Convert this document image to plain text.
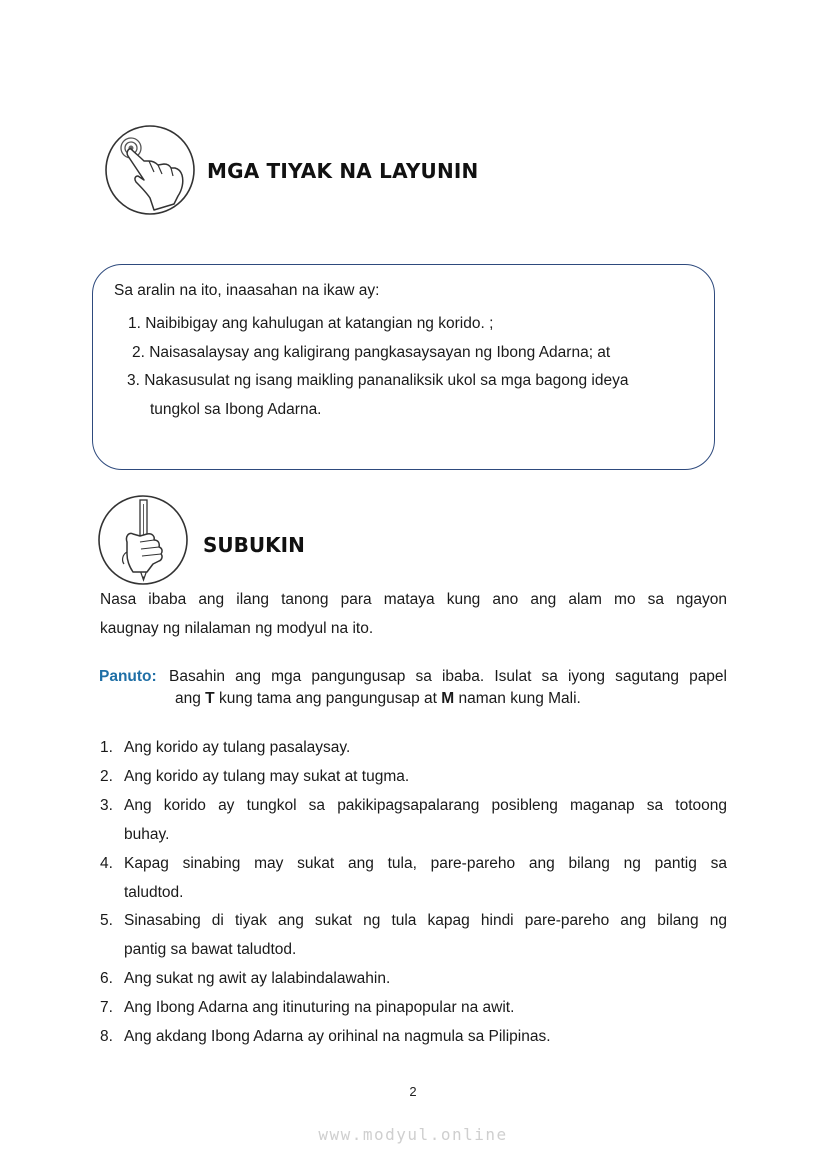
MGA TIYAK NA LAYUNIN
Sa aralin na ito, inaasahan na ikaw ay:
1. Naibibigay ang kahulugan at katangian ng korido. ;
2. Naisasalaysay ang kaligirang pangkasaysayan ng Ibong Adarna; at
3. Nakasusulat ng isang maikling pananaliksik ukol sa mga bagong ideya
tungkol sa Ibong Adarna.
SUBUKIN
Nasa ibaba ang ilang tanong para mataya kung ano ang alam mo sa ngayon
kaugnay ng nilalaman ng modyul na ito.
Panuto: Basahin ang mga pangungusap sa ibaba. Isulat sa iyong sagutang papel
ang T kung tama ang pangungusap at M naman kung Mali.
1. Ang korido ay tulang pasalaysay.
2. Ang korido ay tulang may sukat at tugma.
3. Ang korido ay tungkol sa pakikipagsapalarang posibleng maganap sa totoong
buhay.
4. Kapag sinabing may sukat ang tula, pare-pareho ang bilang ng pantig sa
taludtod.
5. Sinasabing di tiyak ang sukat ng tula kapag hindi pare-pareho ang bilang ng
pantig sa bawat taludtod.
6. Ang sukat ng awit ay lalabindalawahin.
7. Ang Ibong Adarna ang itinuturing na pinapopular na awit.
8. Ang akdang Ibong Adarna ay orihinal na nagmula sa Pilipinas.
2
www.modyul.online
